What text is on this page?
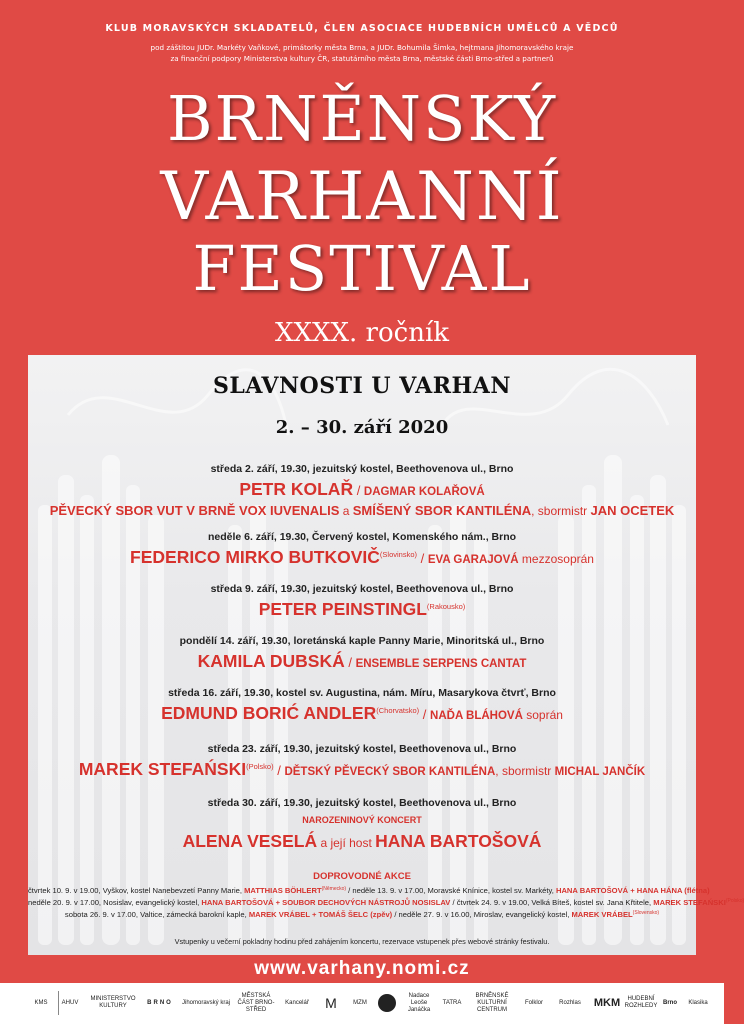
KLUB MORAVSKÝCH SKLADATELŮ, ČLEN ASOCIACE HUDEBNÍCH UMĚLCŮ A VĚDCŮ
pod záštitou JUDr. Markéty Vaňkové, primátorky města Brna, a JUDr. Bohumila Šimka, hejtmana Jihomoravského kraje
za finanční podpory Ministerstva kultury ČR, statutárního města Brna, městské části Brno-střed a partnerů
BRNĚNSKÝ
VARHANNÍ
FESTIVAL
XXXX. ročník
SLAVNOSTI U VARHAN
2. – 30. září 2020
středa 2. září, 19.30, jezuitský kostel, Beethovenova ul., Brno
PETR KOLAŘ / DAGMAR KOLAŘOVÁ
PĚVECKÝ SBOR VUT V BRNĚ VOX IUVENALIS a SMÍŠENÝ SBOR KANTILÉNA, sbormistr JAN OCETEK
neděle 6. září, 19.30, Červený kostel, Komenského nám., Brno
FEDERICO MIRKO $BUTKOVIČ^{(Slovinsko)}$ / EVA GARAJOVÁ mezzosoprán
středa 9. září, 19.30, jezuitský kostel, Beethovenova ul., Brno
PETER $PEINSTINGL^{(Rakousko)}$
pondělí 14. září, 19.30, loretánská kaple Panny Marie, Minoritská ul., Brno
KAMILA DUBSKÁ / ENSEMBLE SERPENS CANTAT
středa 16. září, 19.30, kostel sv. Augustina, nám. Míru, Masarykova čtvrť, Brno
EDMUND BORIĆ $ANDLER^{(Chorvatsko)}$ / NAĎA BLÁHOVÁ soprán
středa 23. září, 19.30, jezuitský kostel, Beethovenova ul., Brno
MAREK $STEFAŃSKI^{(Polsko)}$ / DĚTSKÝ PĚVECKÝ SBOR KANTILÉNA, sbormistr MICHAL JANČÍK
středa 30. září, 19.30, jezuitský kostel, Beethovenova ul., Brno
NAROZENINOVÝ KONCERT
ALENA VESELÁ a její host HANA BARTOŠOVÁ
DOPROVODNÉ AKCE
čtvrtek 10. 9. v 19.00, Vyškov, kostel Nanebevzetí Panny Marie, MATTHIAS $BÖHLERT^{(Německo)}$ / neděle 13. 9. v 17.00, Moravské Knínice, kostel sv. Markéty, HANA BARTOŠOVÁ + HANA HÁNA (flétna)
neděle 20. 9. v 17.00, Nosislav, evangelický kostel, HANA BARTOŠOVÁ + SOUBOR DECHOVÝCH NÁSTROJŮ NOSISLAV / čtvrtek 24. 9. v 19.00, Velká Bíteš, kostel sv. Jana Křtitele, MAREK $STEFAŃSKI^{(Polsko)}$
sobota 26. 9. v 17.00, Valtice, zámecká barokní kaple, MAREK VRÁBEL + TOMÁŠ ŠELC (zpěv) / neděle 27. 9. v 16.00, Miroslav, evangelický kostel, MAREK $VRÁBEL^{(Slovensko)}$
Vstupenky u večerní pokladny hodinu před zahájením koncertu, rezervace vstupenek přes webové stránky festivalu.
www.varhany.nomi.cz
KMS	AHUV
MINISTERSTVO KULTURY
BRNO	Jihomoravský kraj
MĚSTSKÁ ČÁST BRNO-STŘED
Kancelář	M	MZM
Nadace Leoše Janáčka
TATRA
BRNĚNSKÉ KULTURNÍ CENTRUM
Folklor	Rozhlas	MKM	HUDEBNÍ ROZHLEDY
Brno	Klasika
